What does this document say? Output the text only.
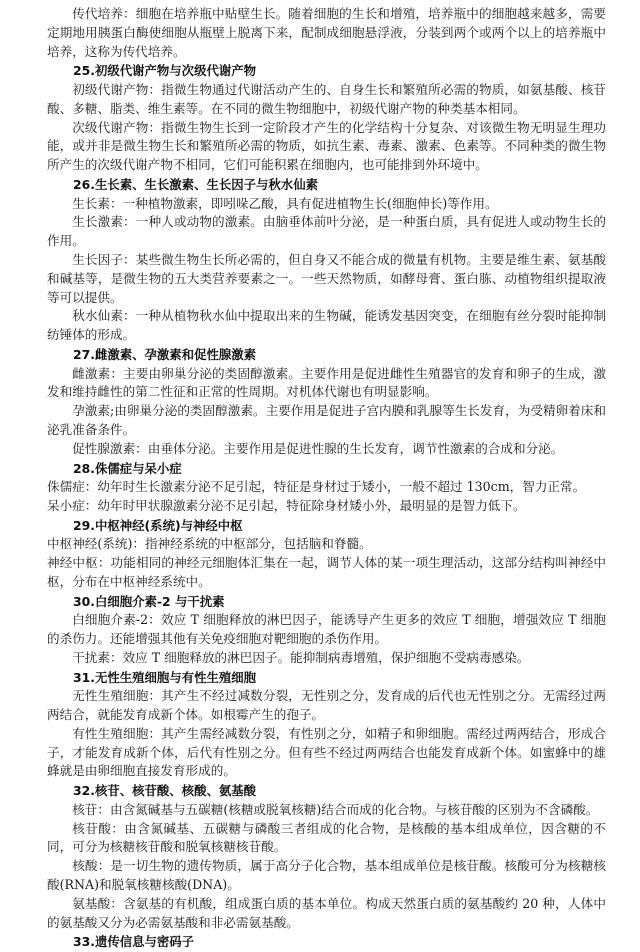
传代培养：细胞在培养瓶中贴壁生长。随着细胞的生长和增殖，培养瓶中的细胞越来越多，需要定期地用胰蛋白酶使细胞从瓶壁上脱离下来，配制成细胞悬浮液，分装到两个或两个以上的培养瓶中培养，这称为传代培养。

25.初级代谢产物与次级代谢产物

初级代谢产物：指微生物通过代谢活动产生的、自身生长和繁殖所必需的物质，如氨基酸、核苷酸、多糖、脂类、维生素等。在不同的微生物细胞中，初级代谢产物的种类基本相同。

次级代谢产物：指微生物生长到一定阶段才产生的化学结构十分复杂、对该微生物无明显生理功能，或并非是微生物生长和繁殖所必需的物质，如抗生素、毒素、激素、色素等。不同种类的微生物所产生的次级代谢产物不相同，它们可能积累在细胞内，也可能排到外环境中。

26.生长素、生长激素、生长因子与秋水仙素

生长素：一种植物激素，即吲哚乙酸，具有促进植物生长(细胞伸长)等作用。

生长激素：一种人或动物的激素。由脑垂体前叶分泌，是一种蛋白质，具有促进人或动物生长的作用。

生长因子：某些微生物生长所必需的，但自身又不能合成的微量有机物。主要是维生素、氨基酸和碱基等，是微生物的五大类营养要素之一。一些天然物质，如酵母膏、蛋白胨、动植物组织提取液等可以提供。

秋水仙素：一种从植物秋水仙中提取出来的生物碱，能诱发基因突变，在细胞有丝分裂时能抑制纺锤体的形成。

27.雌激素、孕激素和促性腺激素

雌激素：主要由卵巢分泌的类固醇激素。主要作用是促进雌性生殖器官的发育和卵子的生成，激发和维持雌性的第二性征和正常的性周期。对机体代谢也有明显影响。

孕激素;由卵巢分泌的类固醇激素。主要作用是促进子宫内膜和乳腺等生长发育，为受精卵着床和泌乳准备条件。

促性腺激素：由垂体分泌。主要作用是促进性腺的生长发育，调节性激素的合成和分泌。

28.侏儒症与呆小症

侏儒症：幼年时生长激素分泌不足引起，特征是身材过于矮小，一般不超过 130cm，智力正常。

呆小症：幼年时甲状腺激素分泌不足引起，特征除身材矮小外，最明显的是智力低下。

29.中枢神经(系统)与神经中枢

中枢神经(系统)：指神经系统的中枢部分，包括脑和脊髓。

神经中枢：功能相同的神经元细胞体汇集在一起，调节人体的某一项生理活动，这部分结构叫神经中枢，分布在中枢神经系统中。

30.白细胞介素-2 与干扰素

白细胞介素-2：效应 T 细胞释放的淋巴因子，能诱导产生更多的效应 T 细胞，增强效应 T 细胞的杀伤力。还能增强其他有关免疫细胞对靶细胞的杀伤作用。

干扰素：效应 T 细胞释放的淋巴因子。能抑制病毒增殖，保护细胞不受病毒感染。

31.无性生殖细胞与有性生殖细胞

无性生殖细胞：其产生不经过减数分裂，无性别之分，发育成的后代也无性别之分。无需经过两两结合，就能发育成新个体。如根霉产生的孢子。

有性生殖细胞：其产生需经减数分裂，有性别之分，如精子和卵细胞。需经过两两结合，形成合子，才能发育成新个体，后代有性别之分。但有些不经过两两结合也能发育成新个体。如蜜蜂中的雄蜂就是由卵细胞直接发育形成的。

32.核苷、核苷酸、核酸、氨基酸

核苷：由含氮碱基与五碳糖(核糖或脱氧核糖)结合而成的化合物。与核苷酸的区别为不含磷酸。

核苷酸：由含氮碱基、五碳糖与磷酸三者组成的化合物，是核酸的基本组成单位，因含糖的不同，可分为核糖核苷酸和脱氧核糖核苷酸。

核酸：是一切生物的遗传物质，属于高分子化合物，基本组成单位是核苷酸。核酸可分为核糖核酸(RNA)和脱氧核糖核酸(DNA)。

氨基酸：含氨基的有机酸，组成蛋白质的基本单位。构成天然蛋白质的氨基酸约 20 种，人体中的氨基酸又分为必需氨基酸和非必需氨基酸。

33.遗传信息与密码子
